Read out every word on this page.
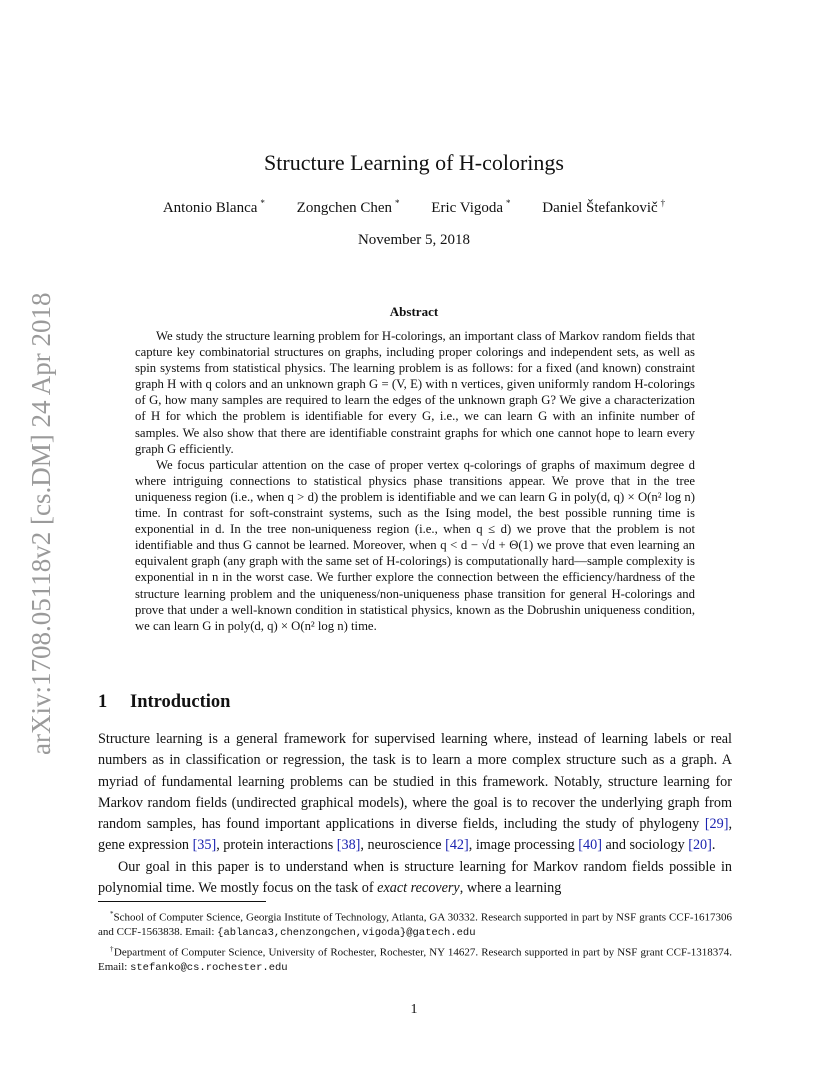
arXiv:1708.05118v2 [cs.DM] 24 Apr 2018
Structure Learning of H-colorings
Antonio Blanca * Zongchen Chen * Eric Vigoda * Daniel Štefankovič †
November 5, 2018
Abstract

We study the structure learning problem for H-colorings, an important class of Markov random fields that capture key combinatorial structures on graphs, including proper colorings and independent sets, as well as spin systems from statistical physics. The learning problem is as follows: for a fixed (and known) constraint graph H with q colors and an unknown graph G = (V, E) with n vertices, given uniformly random H-colorings of G, how many samples are required to learn the edges of the unknown graph G? We give a characterization of H for which the problem is identifiable for every G, i.e., we can learn G with an infinite number of samples. We also show that there are identifiable constraint graphs for which one cannot hope to learn every graph G efficiently.

We focus particular attention on the case of proper vertex q-colorings of graphs of maximum degree d where intriguing connections to statistical physics phase transitions appear. We prove that in the tree uniqueness region (i.e., when q > d) the problem is identifiable and we can learn G in poly(d, q) × O(n² log n) time. In contrast for soft-constraint systems, such as the Ising model, the best possible running time is exponential in d. In the tree non-uniqueness region (i.e., when q ≤ d) we prove that the problem is not identifiable and thus G cannot be learned. Moreover, when q < d − √d + Θ(1) we prove that even learning an equivalent graph (any graph with the same set of H-colorings) is computationally hard—sample complexity is exponential in n in the worst case. We further explore the connection between the efficiency/hardness of the structure learning problem and the uniqueness/non-uniqueness phase transition for general H-colorings and prove that under a well-known condition in statistical physics, known as the Dobrushin uniqueness condition, we can learn G in poly(d, q) × O(n² log n) time.

1 Introduction

Structure learning is a general framework for supervised learning where, instead of learning labels or real numbers as in classification or regression, the task is to learn a more complex structure such as a graph. A myriad of fundamental learning problems can be studied in this framework. Notably, structure learning for Markov random fields (undirected graphical models), where the goal is to recover the underlying graph from random samples, has found important applications in diverse fields, including the study of phylogeny [29], gene expression [35], protein interactions [38], neuroscience [42], image processing [40] and sociology [20].

Our goal in this paper is to understand when is structure learning for Markov random fields possible in polynomial time. We mostly focus on the task of exact recovery, where a learning

*School of Computer Science, Georgia Institute of Technology, Atlanta, GA 30332. Research supported in part by NSF grants CCF-1617306 and CCF-1563838. Email: {ablanca3,chenzongchen,vigoda}@gatech.edu

†Department of Computer Science, University of Rochester, Rochester, NY 14627. Research supported in part by NSF grant CCF-1318374. Email: stefanko@cs.rochester.edu

1
